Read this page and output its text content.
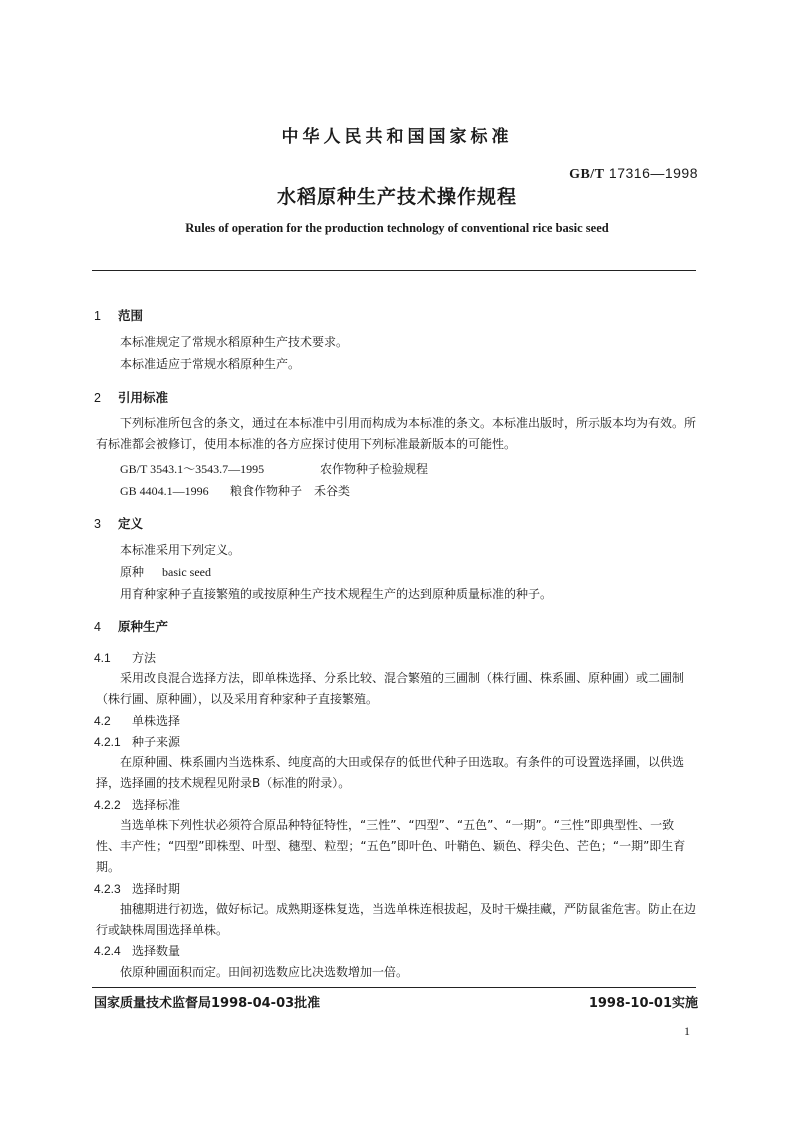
中华人民共和国国家标准
GB/T 17316—1998
水稻原种生产技术操作规程
Rules of operation for the production technology of conventional rice basic seed
1 范围
本标准规定了常规水稻原种生产技术要求。
本标准适应于常规水稻原种生产。
2 引用标准
下列标准所包含的条文，通过在本标准中引用而构成为本标准的条文。本标准出版时，所示版本均为有效。所有标准都会被修订，使用本标准的各方应探讨使用下列标准最新版本的可能性。
GB/T 3543.1～3543.7—1995	农作物种子检验规程
GB 4404.1—1996 粮食作物种子　禾谷类
3 定义
本标准采用下列定义。
原种 basic seed
用育种家种子直接繁殖的或按原种生产技术规程生产的达到原种质量标准的种子。
4 原种生产
4.1 方法
采用改良混合选择方法，即单株选择、分系比较、混合繁殖的三圃制（株行圃、株系圃、原种圃）或二圃制（株行圃、原种圃），以及采用育种家种子直接繁殖。
4.2 单株选择
4.2.1 种子来源
在原种圃、株系圃内当选株系、纯度高的大田或保存的低世代种子田选取。有条件的可设置选择圃，以供选择，选择圃的技术规程见附录B（标准的附录）。
4.2.2 选择标准
当选单株下列性状必须符合原品种特征特性，“三性”、“四型”、“五色”、“一期”。“三性”即典型性、一致性、丰产性；“四型”即株型、叶型、穗型、粒型；“五色”即叶色、叶鞘色、颖色、稃尖色、芒色；“一期”即生育期。
4.2.3 选择时期
抽穗期进行初选，做好标记。成熟期逐株复选，当选单株连根拔起，及时干燥挂藏，严防鼠雀危害。防止在边行或缺株周围选择单株。
4.2.4 选择数量
依原种圃面积而定。田间初选数应比决选数增加一倍。
国家质量技术监督局1998-04-03批准	1998-10-01实施
1
